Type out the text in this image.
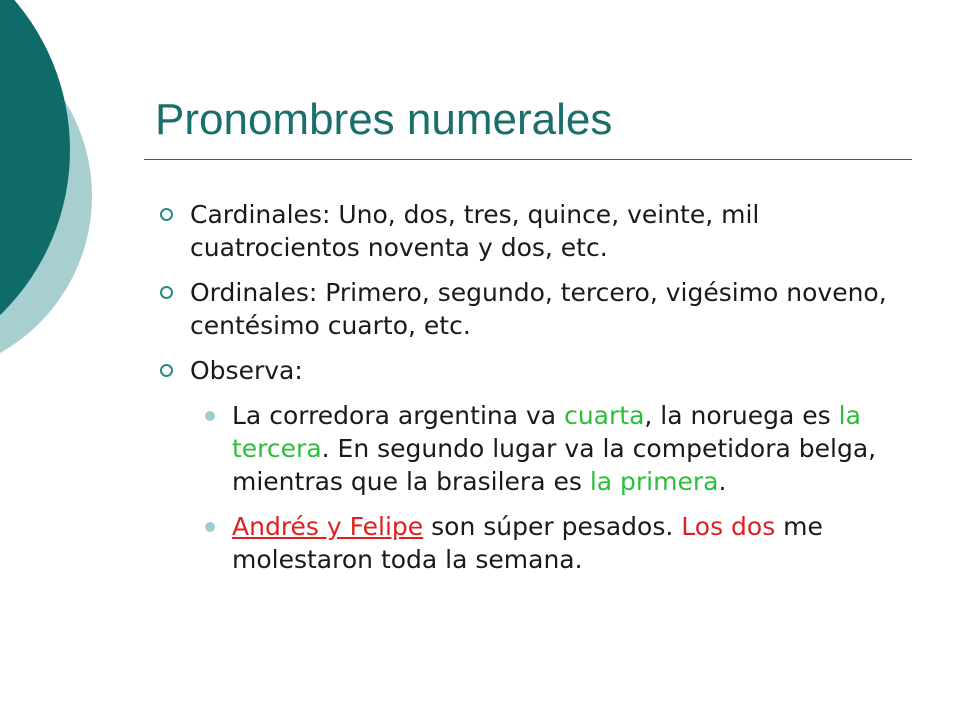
Pronombres numerales
Cardinales: Uno, dos, tres, quince, veinte, mil cuatrocientos noventa y dos, etc.
Ordinales: Primero, segundo, tercero, vigésimo noveno, centésimo cuarto, etc.
Observa:
La corredora argentina va cuarta, la noruega es la tercera. En segundo lugar va la competidora belga, mientras que la brasilera es la primera.
Andrés y Felipe son súper pesados. Los dos me molestaron toda la semana.
